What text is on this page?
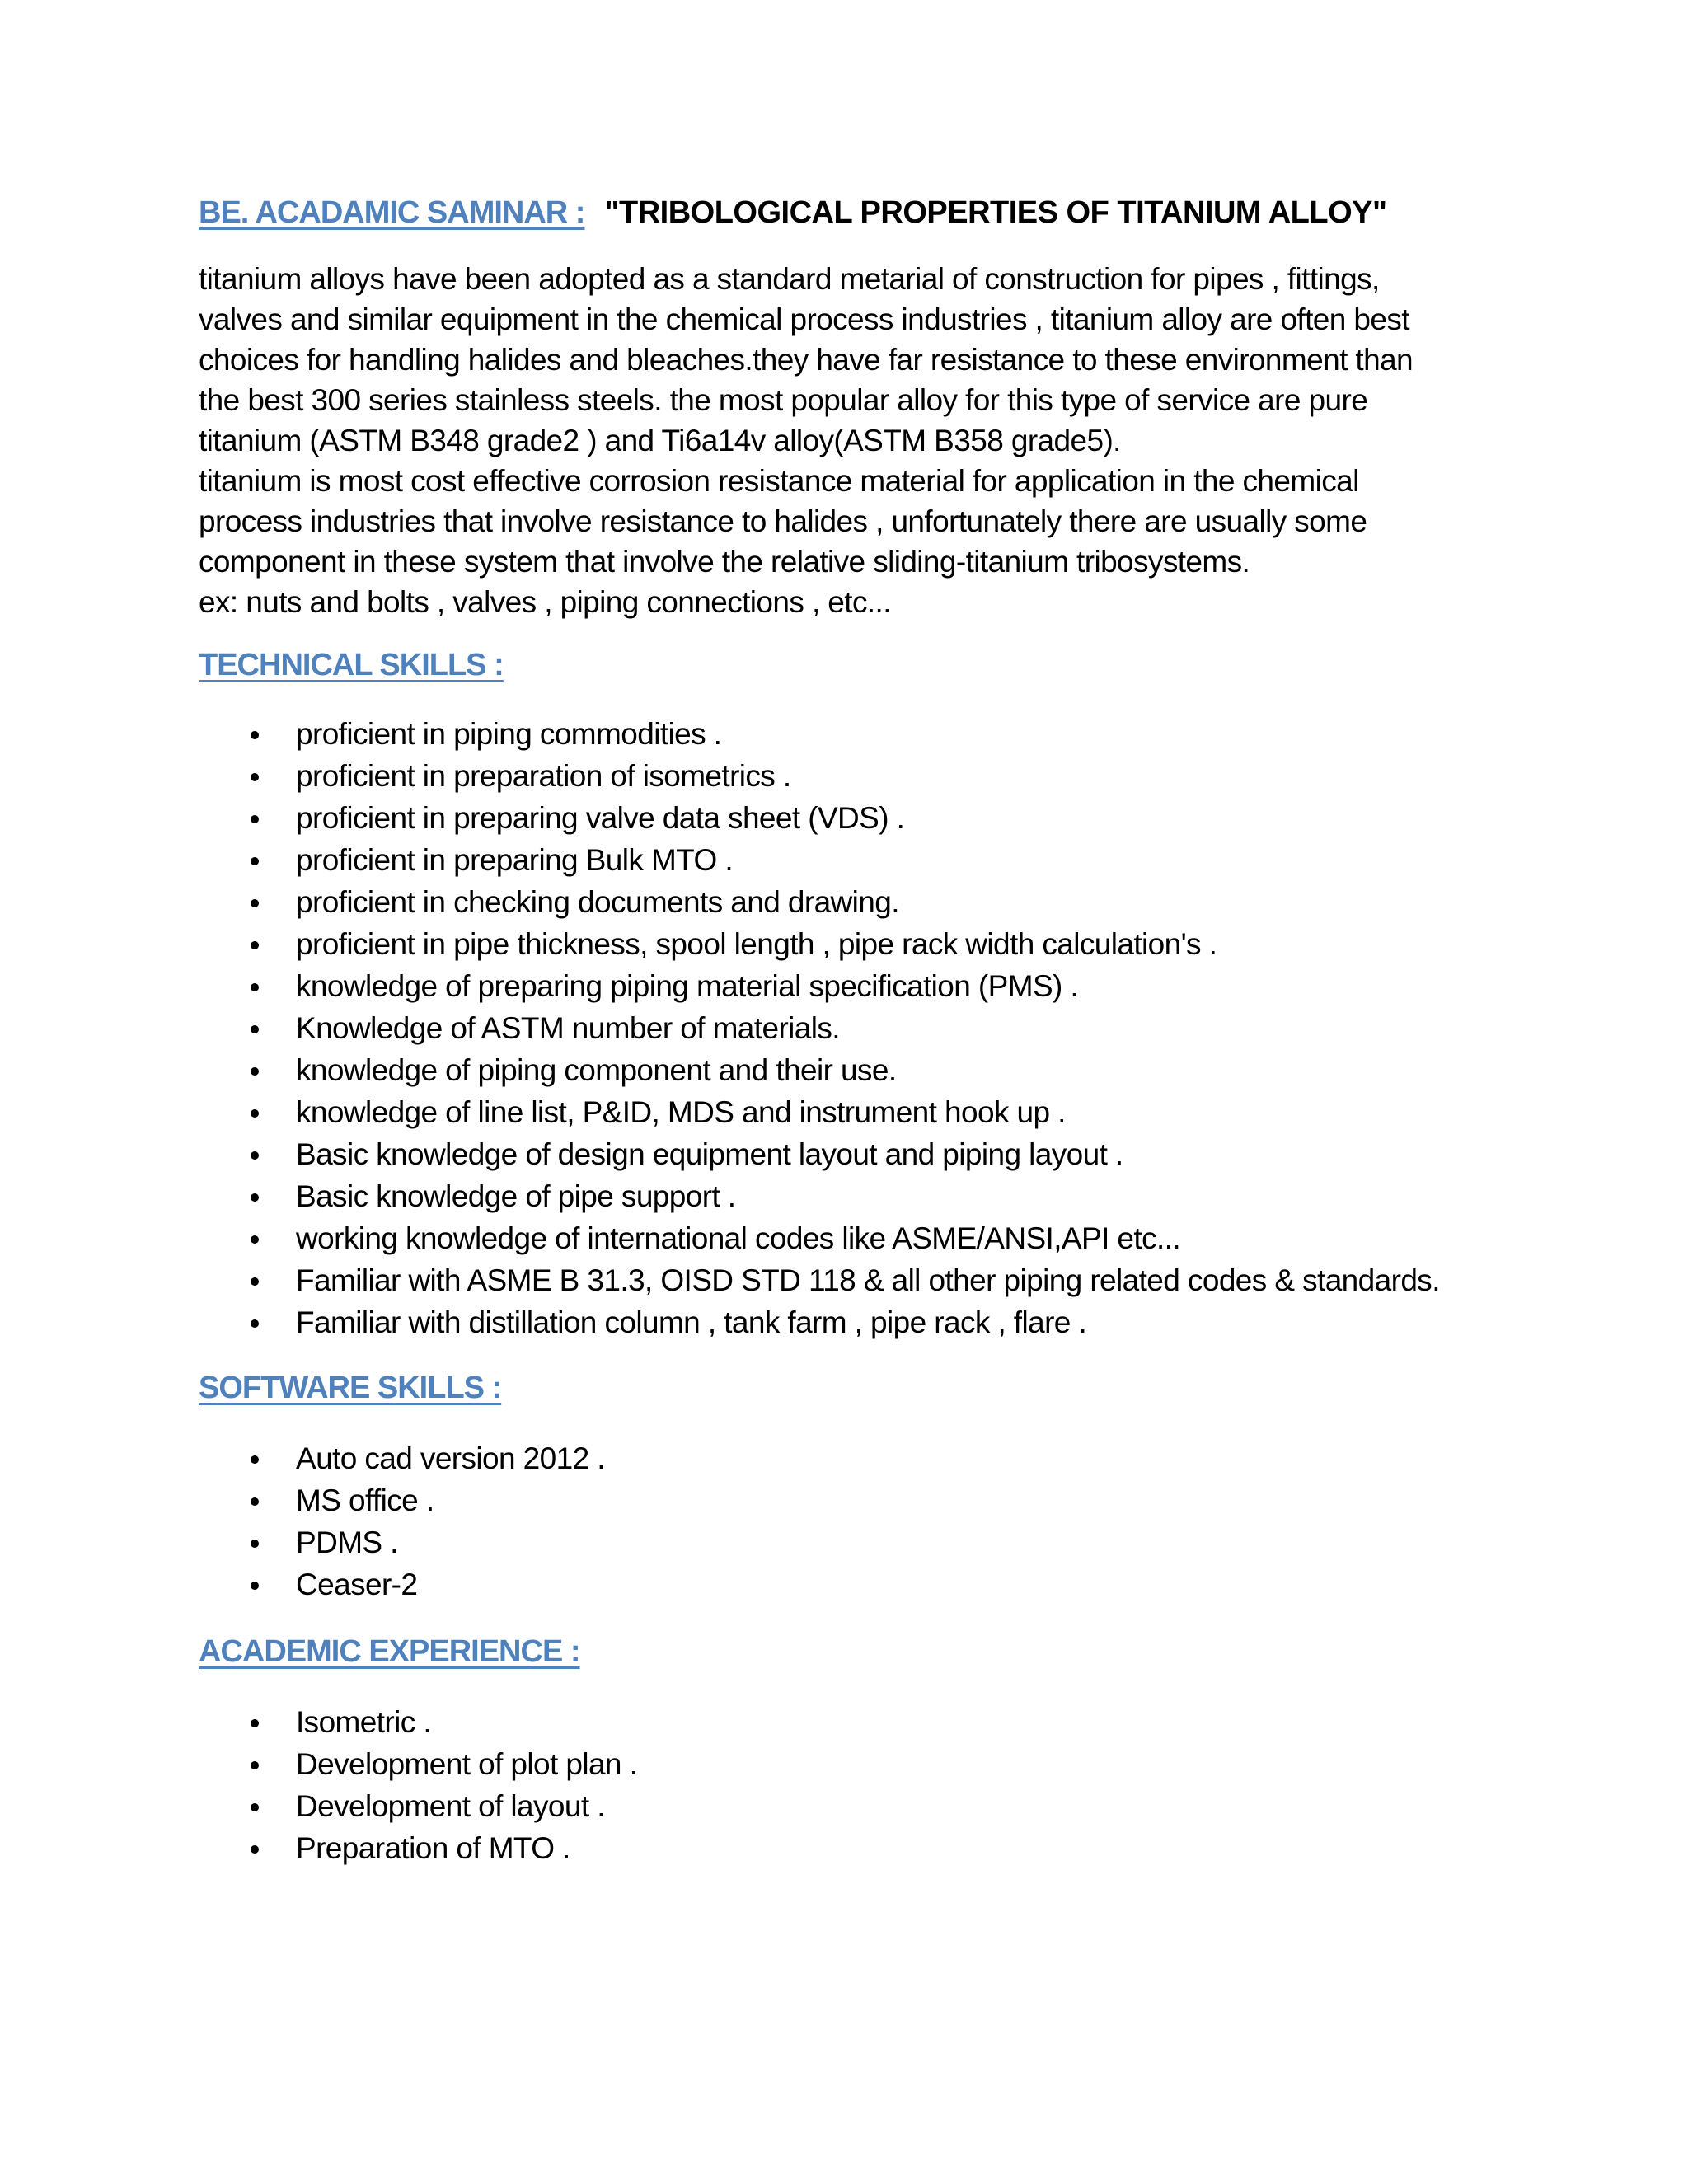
BE. ACADAMIC SAMINAR : "TRIBOLOGICAL PROPERTIES OF TITANIUM ALLOY"

titanium alloys have been adopted as a standard metarial of construction for pipes , fittings,

valves and similar equipment in the chemical process industries , titanium alloy are often best

choices for handling halides and bleaches.they have far resistance to these environment than

the best 300 series stainless steels. the most popular alloy for this type of service are pure

titanium (ASTM B348 grade2 ) and Ti6a14v alloy(ASTM B358 grade5).

titanium is most cost effective corrosion resistance material for application in the chemical

process industries that involve resistance to halides , unfortunately there are usually some

component in these system that involve the relative sliding-titanium tribosystems.

ex: nuts and bolts , valves , piping connections , etc...

TECHNICAL SKILLS :
proficient in piping commodities .
proficient in preparation of isometrics .
proficient in preparing valve data sheet (VDS) .
proficient in preparing Bulk MTO .
proficient in checking documents and drawing.
proficient in pipe thickness, spool length , pipe rack width calculation's .
knowledge of preparing piping material specification (PMS) .
Knowledge of ASTM number of materials.
knowledge of piping component and their use.
knowledge of line list, P&ID, MDS and instrument hook up .
Basic knowledge of design equipment layout and piping layout .
Basic knowledge of pipe support .
working knowledge of international codes like ASME/ANSI,API etc...
Familiar with ASME B 31.3, OISD STD 118 & all other piping related codes & standards.
Familiar with distillation column , tank farm , pipe rack , flare .
SOFTWARE SKILLS :
Auto cad version 2012 .
MS office .
PDMS .
Ceaser-2
ACADEMIC EXPERIENCE :
Isometric .
Development of plot plan .
Development of layout .
Preparation of MTO .
